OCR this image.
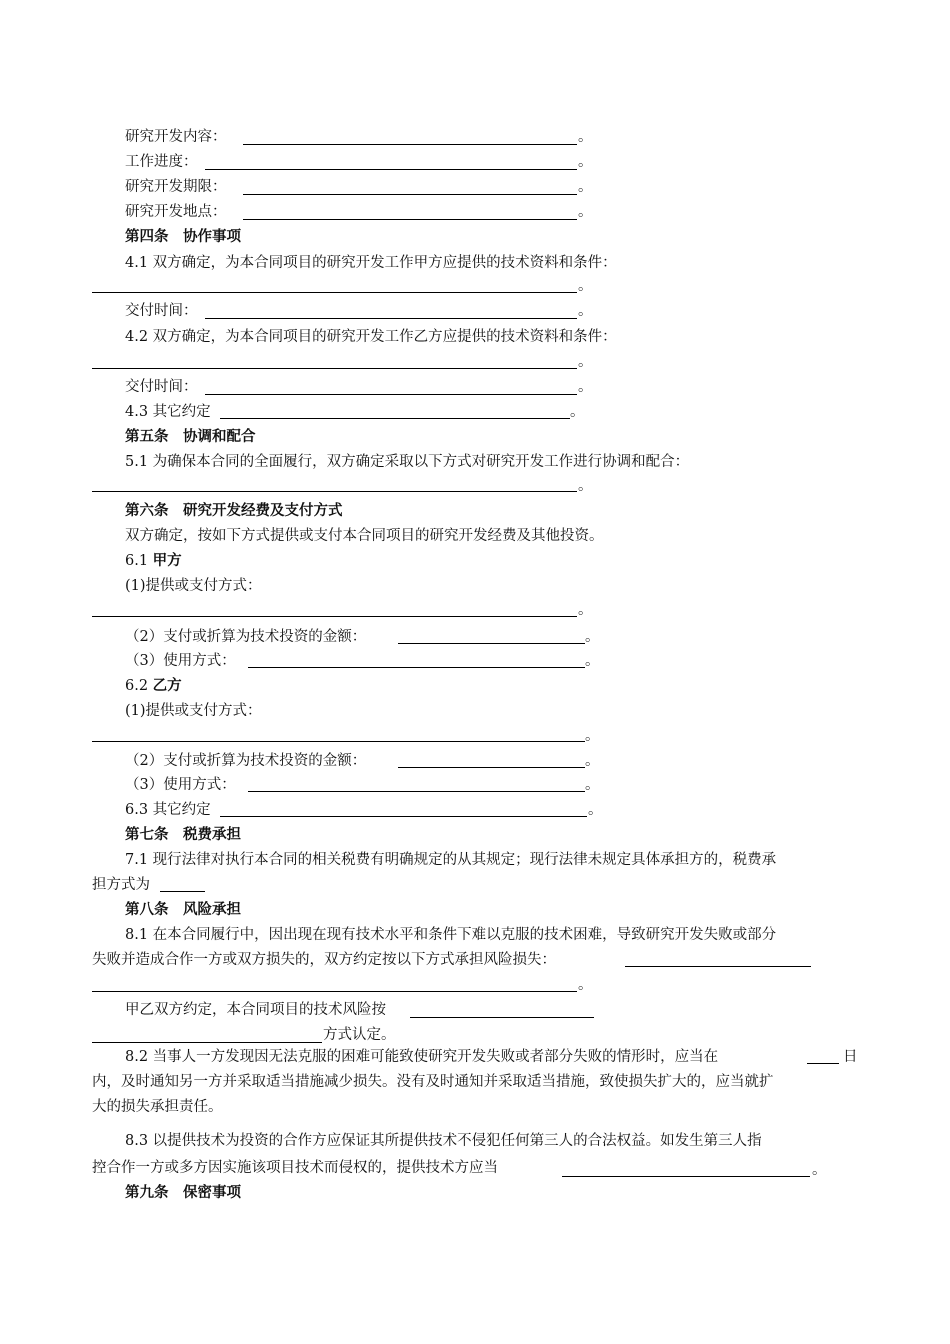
研究开发内容：	。
工作进度：	。
研究开发期限：	。
研究开发地点：	。
第四条　协作事项
4.1 双方确定，为本合同项目的研究开发工作甲方应提供的技术资料和条件：
。
交付时间：	。
4.2 双方确定，为本合同项目的研究开发工作乙方应提供的技术资料和条件：
。
交付时间：	。
4.3 其它约定	。
第五条　协调和配合
5.1 为确保本合同的全面履行，双方确定采取以下方式对研究开发工作进行协调和配合：
。
第六条　研究开发经费及支付方式
双方确定，按如下方式提供或支付本合同项目的研究开发经费及其他投资。
6.1 甲方
(1)提供或支付方式：
。
（2）支付或折算为技术投资的金额：	。
（3）使用方式：	。
6.2 乙方
(1)提供或支付方式：
。
（2）支付或折算为技术投资的金额：	。
（3）使用方式：	。
6.3 其它约定	。
第七条　税费承担
7.1 现行法律对执行本合同的相关税费有明确规定的从其规定；现行法律未规定具体承担方的，税费承
担方式为
第八条　风险承担
8.1 在本合同履行中，因出现在现有技术水平和条件下难以克服的技术困难，导致研究开发失败或部分
失败并造成合作一方或双方损失的，双方约定按以下方式承担风险损失：
。
甲乙双方约定，本合同项目的技术风险按
方式认定。
8.2 当事人一方发现因无法克服的困难可能致使研究开发失败或者部分失败的情形时，应当在	日
内，及时通知另一方并采取适当措施减少损失。没有及时通知并采取适当措施，致使损失扩大的，应当就扩
大的损失承担责任。
8.3 以提供技术为投资的合作方应保证其所提供技术不侵犯任何第三人的合法权益。如发生第三人指
控合作一方或多方因实施该项目技术而侵权的，提供技术方应当	。
第九条　保密事项
